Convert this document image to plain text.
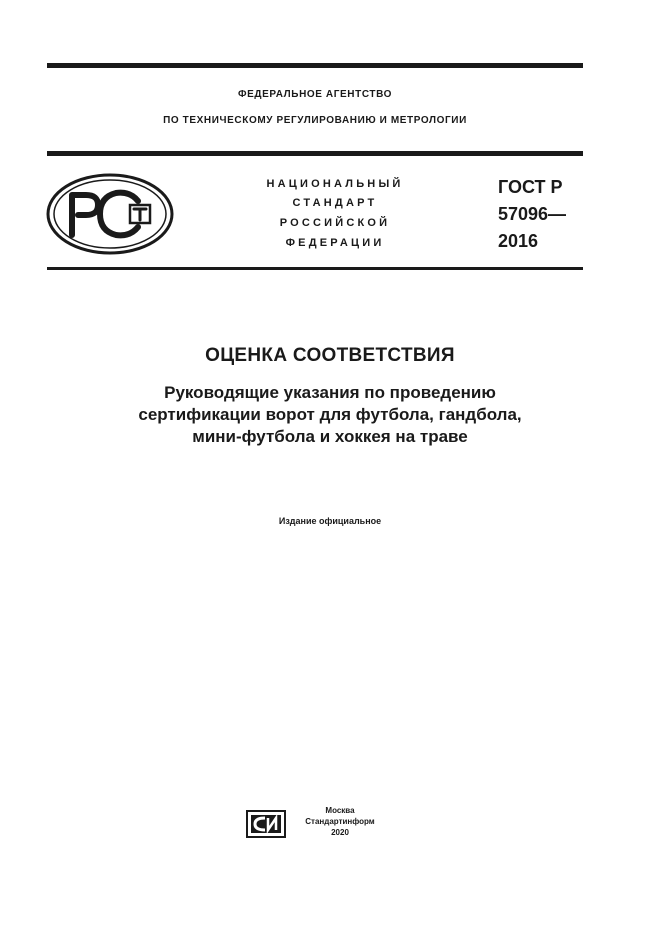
ФЕДЕРАЛЬНОЕ АГЕНТСТВО
ПО ТЕХНИЧЕСКОМУ РЕГУЛИРОВАНИЮ И МЕТРОЛОГИИ
НАЦИОНАЛЬНЫЙ
СТАНДАРТ
РОССИЙСКОЙ
ФЕДЕРАЦИИ
ГОСТ Р
57096—
2016
ОЦЕНКА СООТВЕТСТВИЯ
Руководящие указания по проведению
сертификации ворот для футбола, гандбола,
мини-футбола и хоккея на траве
Издание официальное
Москва
Стандартинформ
2020
